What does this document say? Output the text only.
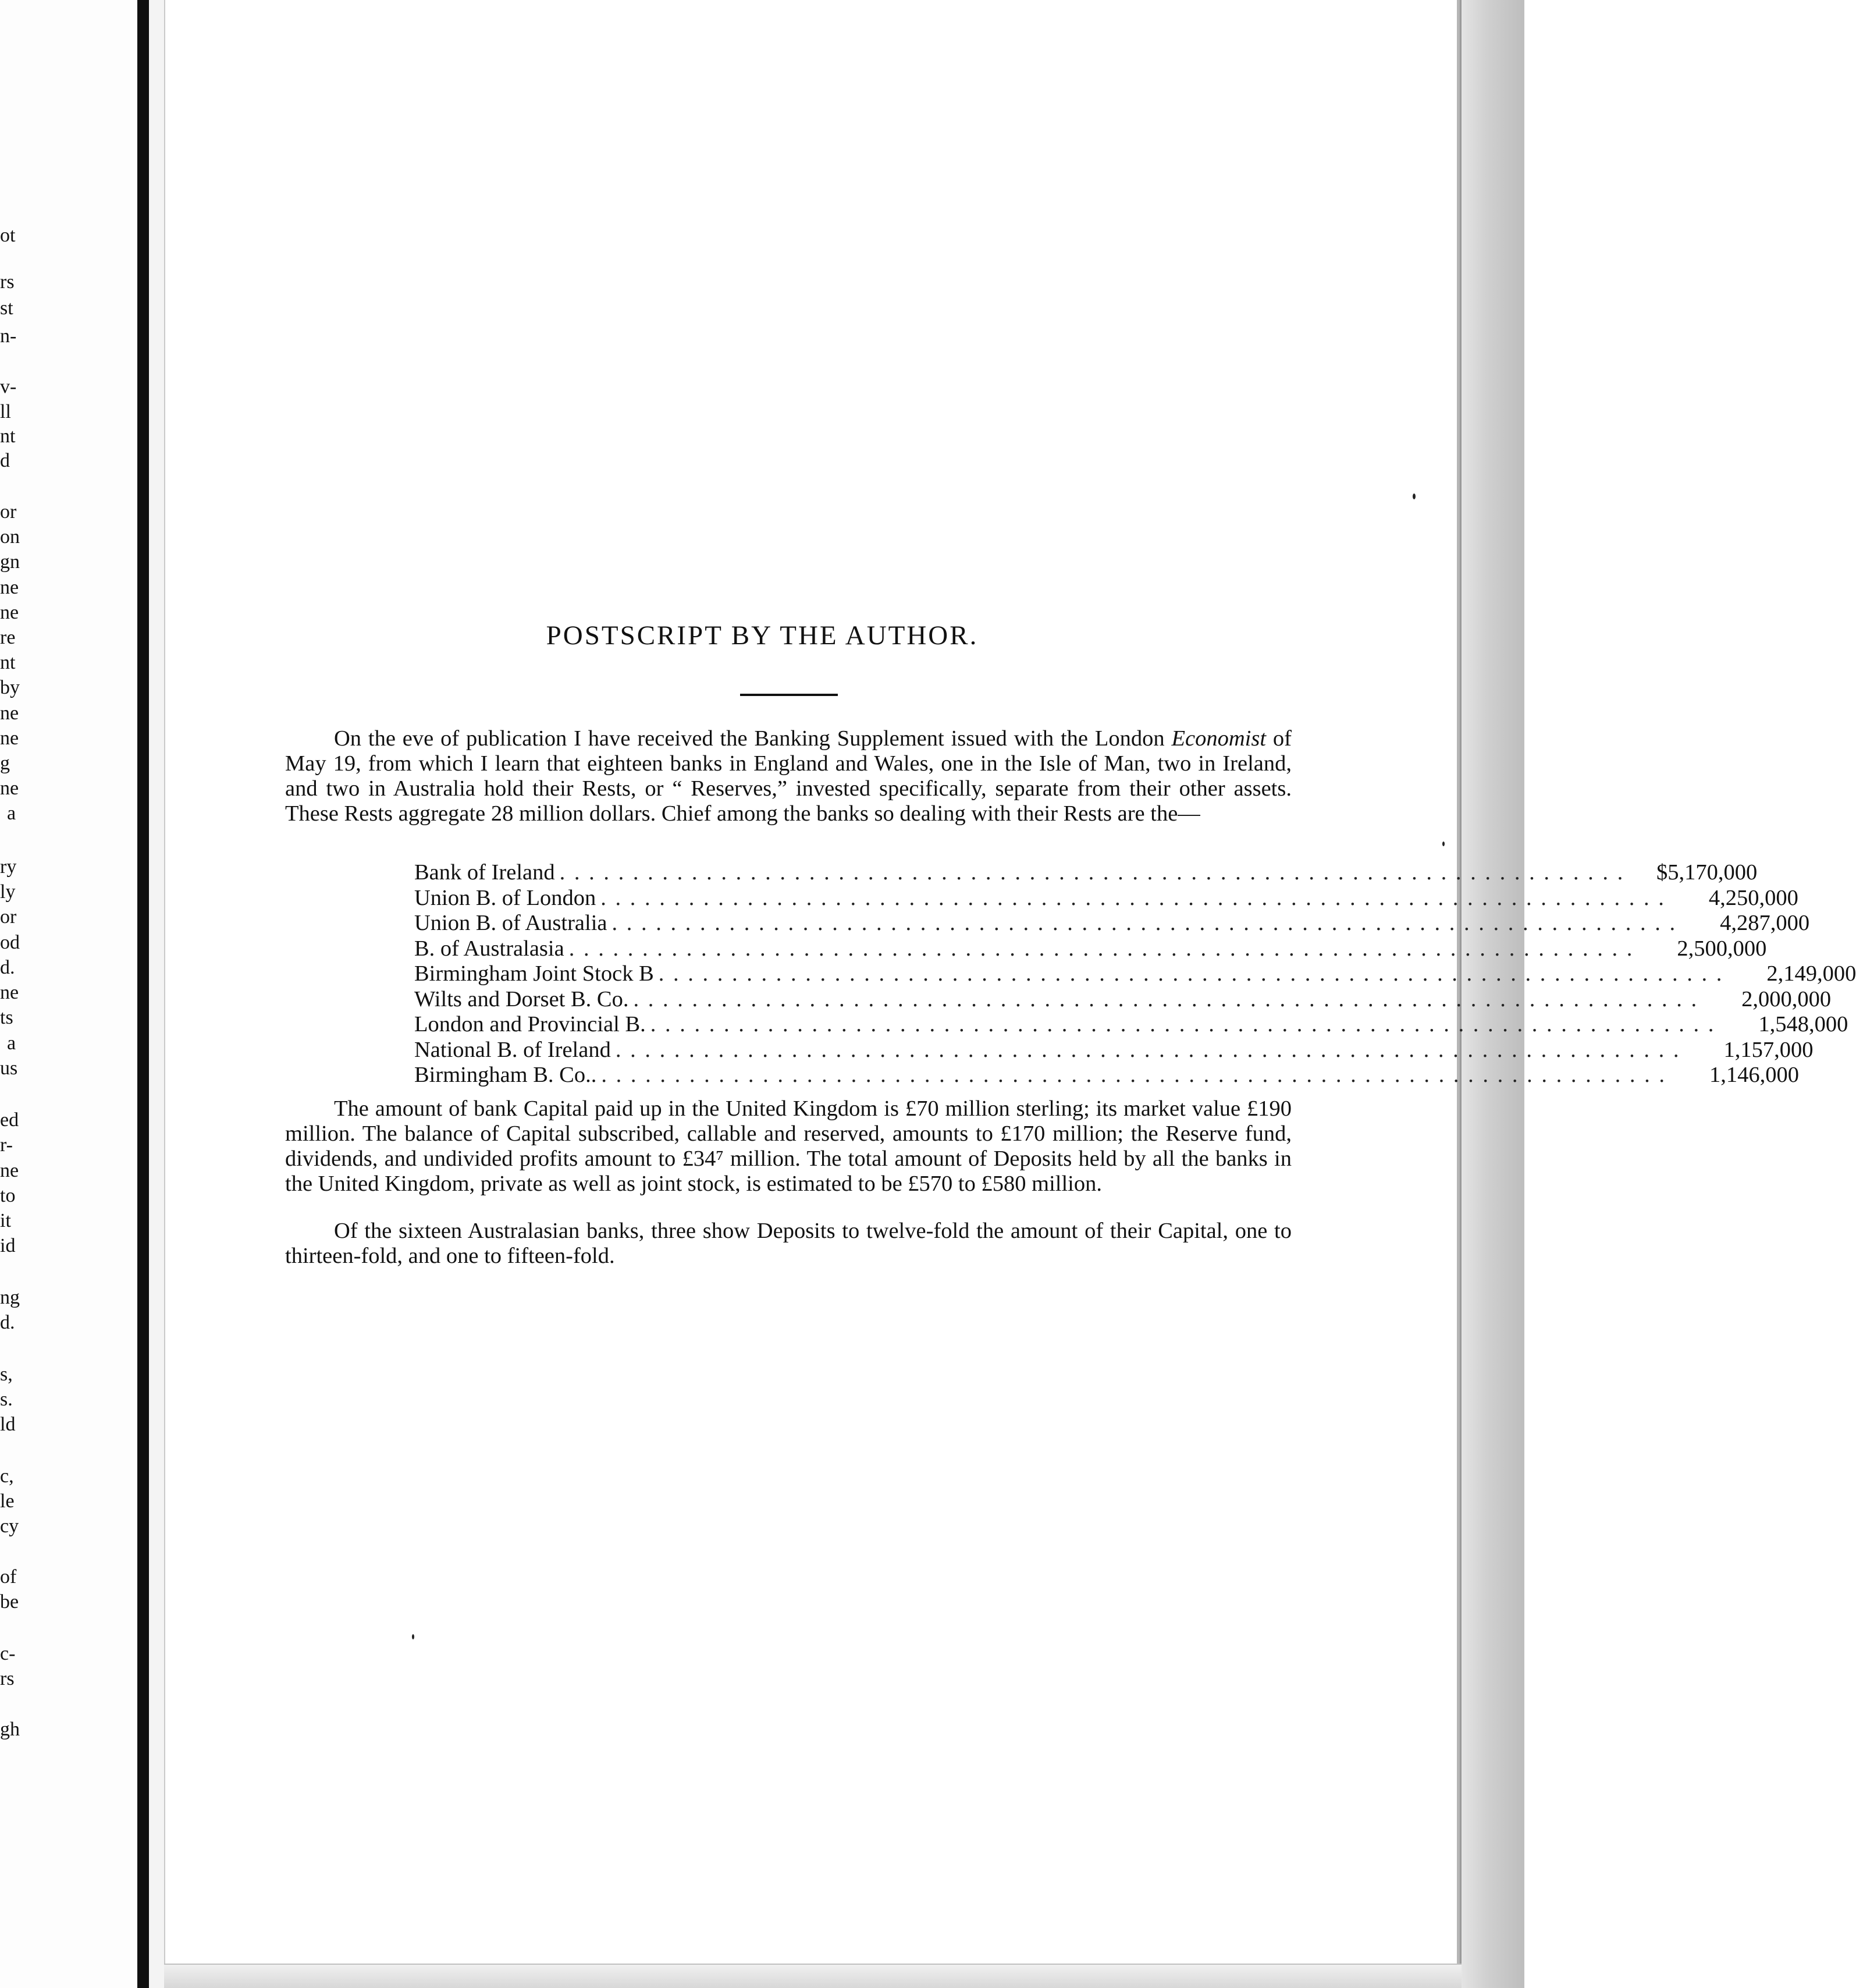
ot
rs
st
n-
v-
ll
nt
d
or
on
gn
ne
ne
re
nt
by
ne
ne
g
ne
a
ry
ly
or
od
d.
ne
ts
a
us
ed
r-
ne
to
it
id
ng
d.
s,
s.
ld
c,
le
cy
of
be
c-
rs
gh
POSTSCRIPT BY THE AUTHOR.

On the eve of publication I have received the Banking Supplement issued with the London Economist of May 19, from which I learn that eighteen banks in England and Wales, one in the Isle of Man, two in Ireland, and two in Australia hold their Rests, or “ Reserves,” invested specifically, separate from their other assets. These Rests aggregate 28 million dollars. Chief among the banks so dealing with their Rests are the—

Bank of Ireland . . . . . . . . . . . . . . . . . . . . . . . . . . . . . . . . . . . . . . . . . . . . . . . . . . . . . . . . . . . . . . . . . . . . . . . . .	$5,170,000
Union B. of London . . . . . . . . . . . . . . . . . . . . . . . . . . . . . . . . . . . . . . . . . . . . . . . . . . . . . . . . . . . . . . . . . . . . . . . . .	4,250,000
Union B. of Australia . . . . . . . . . . . . . . . . . . . . . . . . . . . . . . . . . . . . . . . . . . . . . . . . . . . . . . . . . . . . . . . . . . . . . . . . .	4,287,000
B. of Australasia . . . . . . . . . . . . . . . . . . . . . . . . . . . . . . . . . . . . . . . . . . . . . . . . . . . . . . . . . . . . . . . . . . . . . . . . .	2,500,000
Birmingham Joint Stock B . . . . . . . . . . . . . . . . . . . . . . . . . . . . . . . . . . . . . . . . . . . . . . . . . . . . . . . . . . . . . . . . . . . . . . . . .	2,149,000
Wilts and Dorset B. Co. . . . . . . . . . . . . . . . . . . . . . . . . . . . . . . . . . . . . . . . . . . . . . . . . . . . . . . . . . . . . . . . . . . . . . . . . .	2,000,000
London and Provincial B. . . . . . . . . . . . . . . . . . . . . . . . . . . . . . . . . . . . . . . . . . . . . . . . . . . . . . . . . . . . . . . . . . . . . . . . . .	1,548,000
National B. of Ireland . . . . . . . . . . . . . . . . . . . . . . . . . . . . . . . . . . . . . . . . . . . . . . . . . . . . . . . . . . . . . . . . . . . . . . . . .	1,157,000
Birmingham B. Co.. . . . . . . . . . . . . . . . . . . . . . . . . . . . . . . . . . . . . . . . . . . . . . . . . . . . . . . . . . . . . . . . . . . . . . . . . .	1,146,000

The amount of bank Capital paid up in the United Kingdom is £70 million sterling; its market value £190 million. The balance of Capital subscribed, callable and reserved, amounts to £170 million; the Reserve fund, dividends, and undivided profits amount to £34⁷ million. The total amount of Deposits held by all the banks in the United Kingdom, private as well as joint stock, is estimated to be £570 to £580 million.

Of the sixteen Australasian banks, three show Deposits to twelve-fold the amount of their Capital, one to thirteen-fold, and one to fifteen-fold.
